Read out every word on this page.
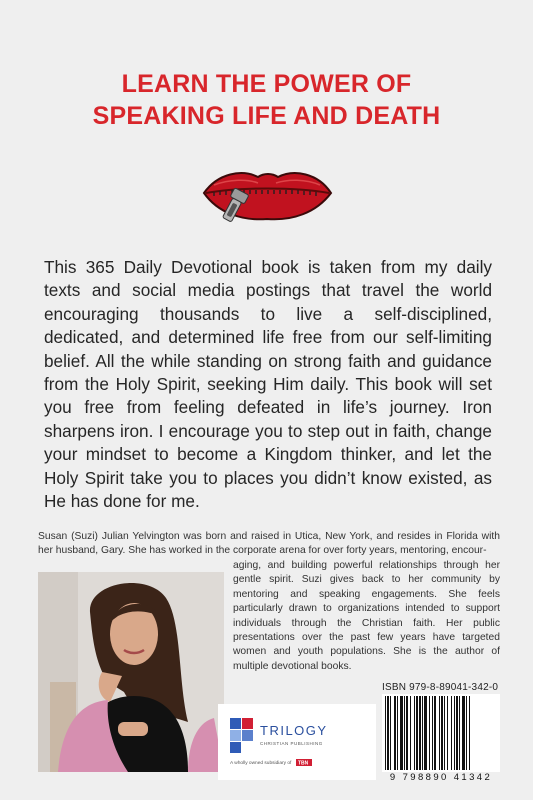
LEARN THE POWER OF
SPEAKING LIFE AND DEATH

This 365 Daily Devotional book is taken from my daily texts and social media postings that travel the world encouraging thousands to live a self-disciplined, dedicated, and determined life free from our self-limiting belief. All the while standing on strong faith and guidance from the Holy Spirit, seeking Him daily. This book will set you free from feeling defeated in life’s journey. Iron sharpens iron. I encourage you to step out in faith, change your mindset to become a Kingdom thinker, and let the Holy Spirit take you to places you didn’t know existed, as He has done for me.

Susan (Suzi) Julian Yelvington was born and raised in Utica, New York, and resides in Florida with her husband, Gary. She has worked in the corporate arena for over forty years, mentoring, encour-

aging, and building powerful relationships through her gentle spirit. Suzi gives back to her community by mentoring and speaking engagements. She feels particularly drawn to organizations intended to support individuals through the Christian faith. Her public presentations over the past few years have targeted women and youth populations. She is the author of multiple devotional books.

TRILOGY
CHRISTIAN PUBLISHING
A wholly owned subsidiary of TBN

ISBN 979-8-89041-342-0

9 798890 41342
